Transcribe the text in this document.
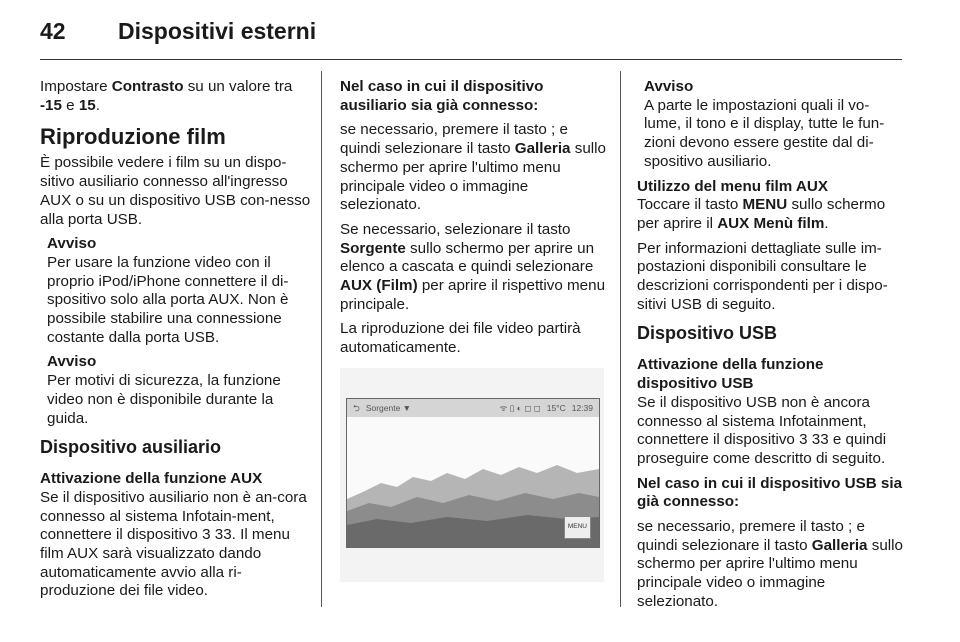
42	Dispositivi esterni

Impostare Contrasto su un valore tra -15 e 15.

Riproduzione film

È possibile vedere i film su un dispo-sitivo ausiliario connesso all'ingresso AUX o su un dispositivo USB con-nesso alla porta USB.

Avviso
Per usare la funzione video con il proprio iPod/iPhone connettere il di-spositivo solo alla porta AUX. Non è possibile stabilire una connessione costante dalla porta USB.
Avviso
Per motivi di sicurezza, la funzione video non è disponibile durante la guida.
Dispositivo ausiliario
Attivazione della funzione AUX

Se il dispositivo ausiliario non è an-cora connesso al sistema Infotain-ment, connettere il dispositivo 3 33. Il menu film AUX sarà visualizzato dando automaticamente avvio alla ri-produzione dei file video.

Nel caso in cui il dispositivo ausiliario sia già connesso:

se necessario, premere il tasto ; e quindi selezionare il tasto Galleria sullo schermo per aprire l'ultimo menu principale video o immagine selezionato.

Se necessario, selezionare il tasto Sorgente sullo schermo per aprire un elenco a cascata e quindi selezionare AUX (Film) per aprire il rispettivo menu principale.

La riproduzione dei file video partirà automaticamente.

⮌ Sorgente ▼	ᯤ ▯ ◐ ◻ ◻ 15°C 12:39
MENU
Avviso
A parte le impostazioni quali il vo-lume, il tono e il display, tutte le fun-zioni devono essere gestite dal di-spositivo ausiliario.
Utilizzo del menu film AUX

Toccare il tasto MENU sullo schermo per aprire il AUX Menù film.

Per informazioni dettagliate sulle im-postazioni disponibili consultare le descrizioni corrispondenti per i dispo-sitivi USB di seguito.

Dispositivo USB
Attivazione della funzione dispositivo USB

Se il dispositivo USB non è ancora connesso al sistema Infotainment, connettere il dispositivo 3 33 e quindi proseguire come descritto di seguito.

Nel caso in cui il dispositivo USB sia già connesso:

se necessario, premere il tasto ; e quindi selezionare il tasto Galleria sullo schermo per aprire l'ultimo menu principale video o immagine selezionato.
